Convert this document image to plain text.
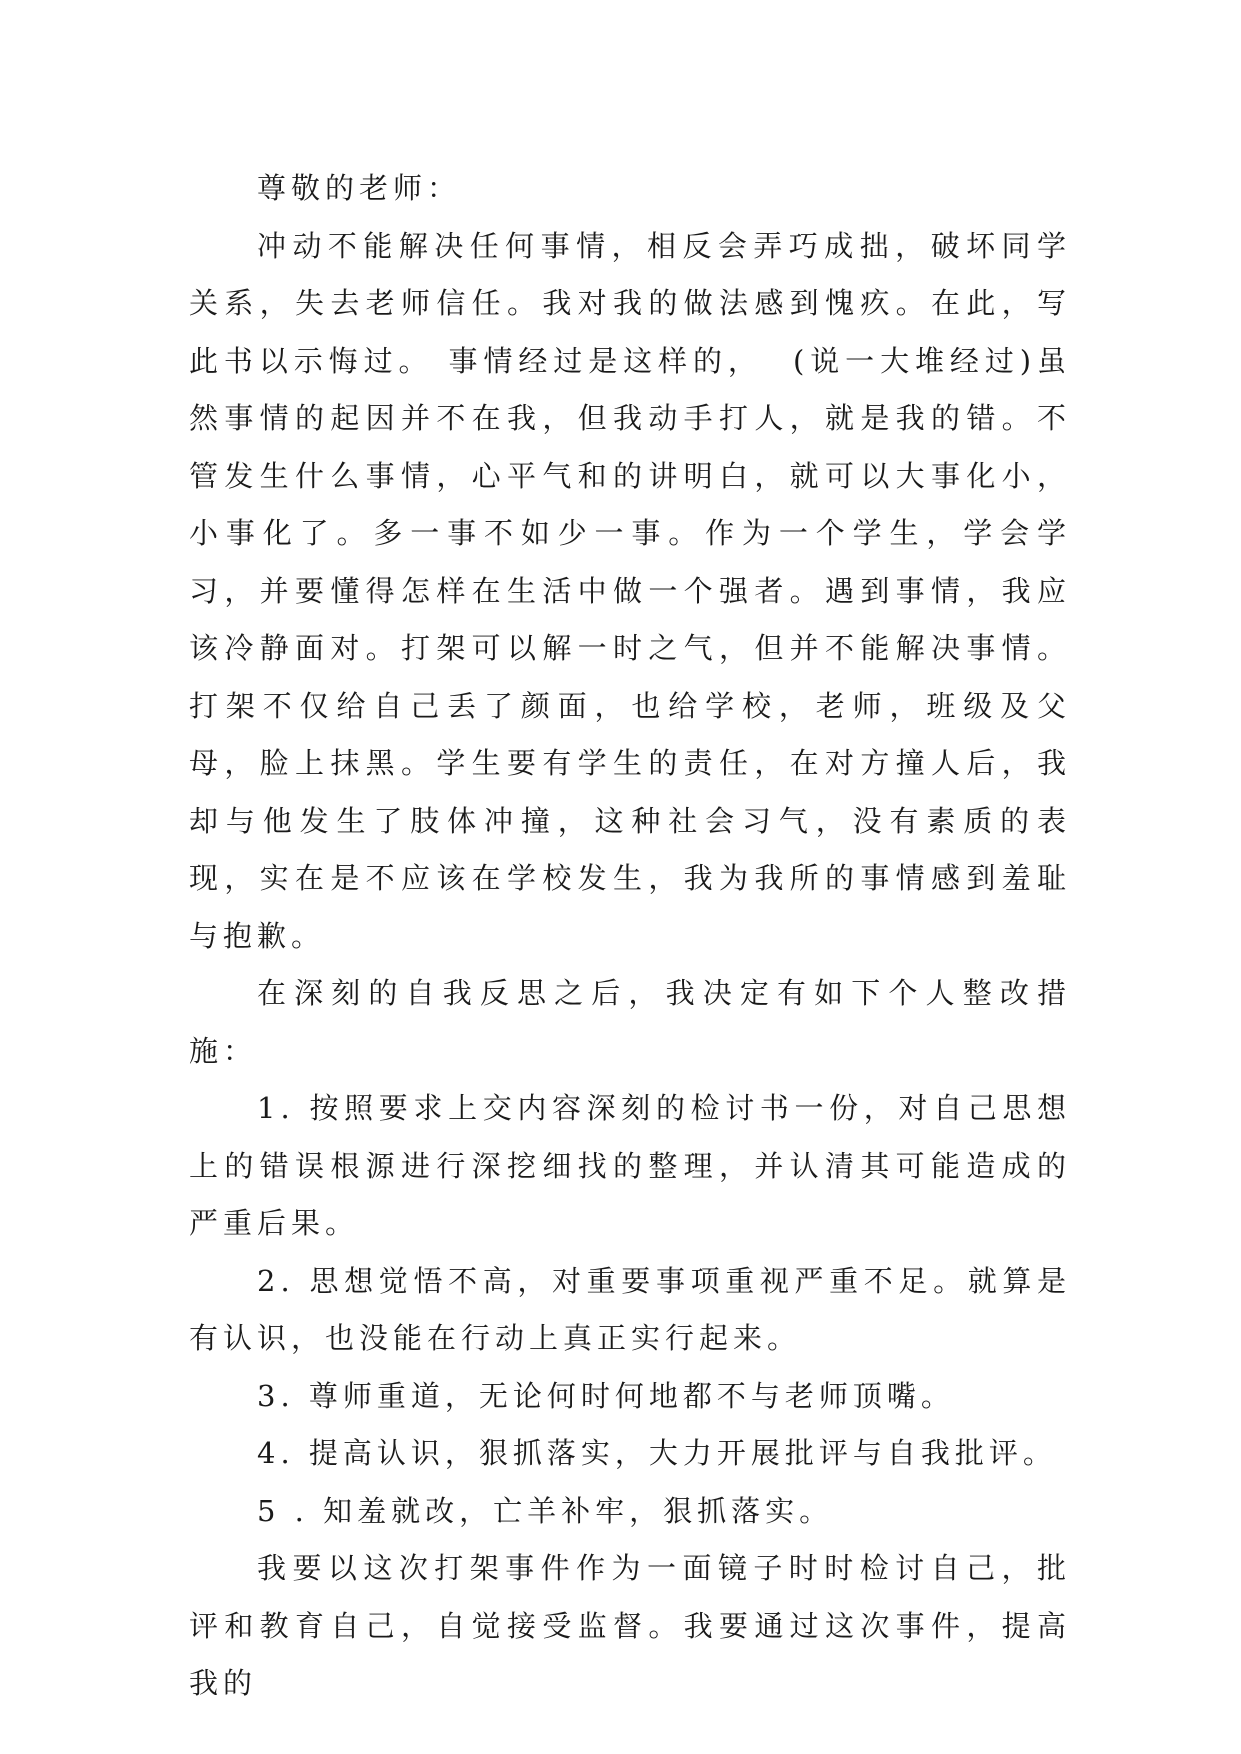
尊敬的老师：

冲动不能解决任何事情，相反会弄巧成拙，破坏同学关系，失去老师信任。我对我的做法感到愧疚。在此，写此书以示悔过。 事情经过是这样的，  (说一大堆经过)虽然事情的起因并不在我，但我动手打人，就是我的错。不管发生什么事情，心平气和的讲明白，就可以大事化小，小事化了。多一事不如少一事。作为一个学生，学会学习，并要懂得怎样在生活中做一个强者。遇到事情，我应该冷静面对。打架可以解一时之气，但并不能解决事情。打架不仅给自己丢了颜面，也给学校，老师，班级及父母，脸上抹黑。学生要有学生的责任，在对方撞人后，我却与他发生了肢体冲撞，这种社会习气，没有素质的表现，实在是不应该在学校发生，我为我所的事情感到羞耻与抱歉。

在深刻的自我反思之后，我决定有如下个人整改措施：

1. 按照要求上交内容深刻的检讨书一份，对自己思想上的错误根源进行深挖细找的整理，并认清其可能造成的严重后果。

2. 思想觉悟不高，对重要事项重视严重不足。就算是有认识，也没能在行动上真正实行起来。

3. 尊师重道，无论何时何地都不与老师顶嘴。

4. 提高认识，狠抓落实，大力开展批评与自我批评。

5 . 知羞就改，亡羊补牢，狠抓落实。

我要以这次打架事件作为一面镜子时时检讨自己，批评和教育自己，自觉接受监督。我要通过这次事件，提高我的
